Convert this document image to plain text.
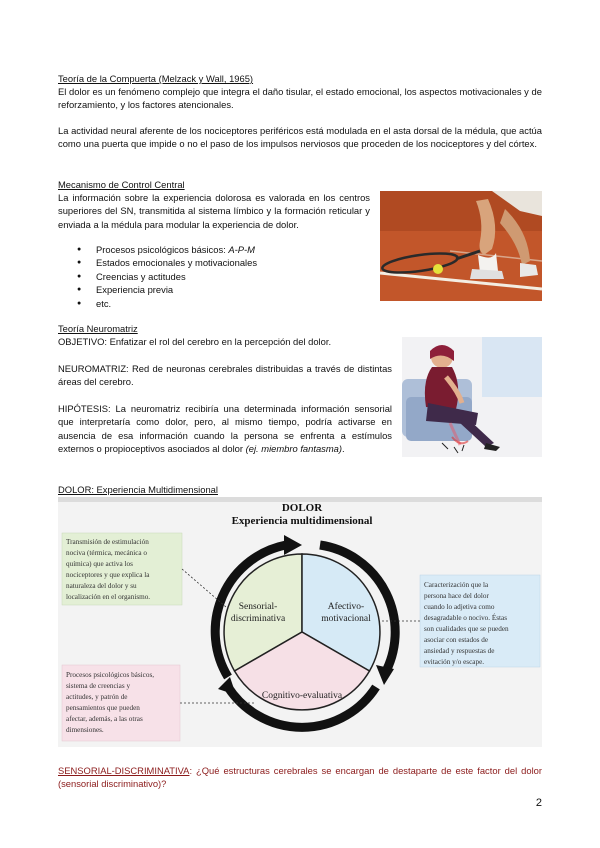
Teoría de la Compuerta (Melzack y Wall, 1965)
El dolor es un fenómeno complejo que integra el daño tisular, el estado emocional, los aspectos motivacionales y de reforzamiento, y los factores atencionales.
La actividad neural aferente de los nociceptores periféricos está modulada en el asta dorsal de la médula, que actúa como una puerta que impide o no el paso de los impulsos nerviosos que proceden de los nociceptores y del córtex.
Mecanismo de Control Central
La información sobre la experiencia dolorosa es valorada en los centros superiores del SN, transmitida al sistema límbico y la formación reticular y enviada a la médula para modular la experiencia de dolor.
● Procesos psicológicos básicos: A-P-M
● Estados emocionales y motivacionales
● Creencias y actitudes
● Experiencia previa
● etc.
Teoría Neuromatriz
OBJETIVO: Enfatizar el rol del cerebro en la percepción del dolor.
NEUROMATRIZ: Red de neuronas cerebrales distribuidas a través de distintas áreas del cerebro.
HIPÓTESIS: La neuromatriz recibiría una determinada información sensorial que interpretaría como dolor, pero, al mismo tiempo, podría activarse en ausencia de esa información cuando la persona se enfrenta a estímulos externos o propioceptivos asociados al dolor (ej. miembro fantasma).
DOLOR: Experiencia Multidimensional
DOLOR
Experiencia multidimensional
Sensorial-
discriminativa
Afectivo-
motivacional
Cognitivo-evaluativa
Transmisión de estimulación
nociva (térmica, mecánica o
química) que activa los
nociceptores y que explica la
naturaleza del dolor y su
localización en el organismo.
Caracterización que la
persona hace del dolor
cuando lo adjetiva como
desagradable o nocivo. Éstas
son cualidades que se pueden
asociar con estados de
ansiedad y respuestas de
evitación y/o escape.
Procesos psicológicos básicos,
sistema de creencias y
actitudes, y patrón de
pensamientos que pueden
afectar, además, a las otras
dimensiones.
SENSORIAL-DISCRIMINATIVA: ¿Qué estructuras cerebrales se encargan de destaparte de este factor del dolor (sensorial discriminativo)?
2
